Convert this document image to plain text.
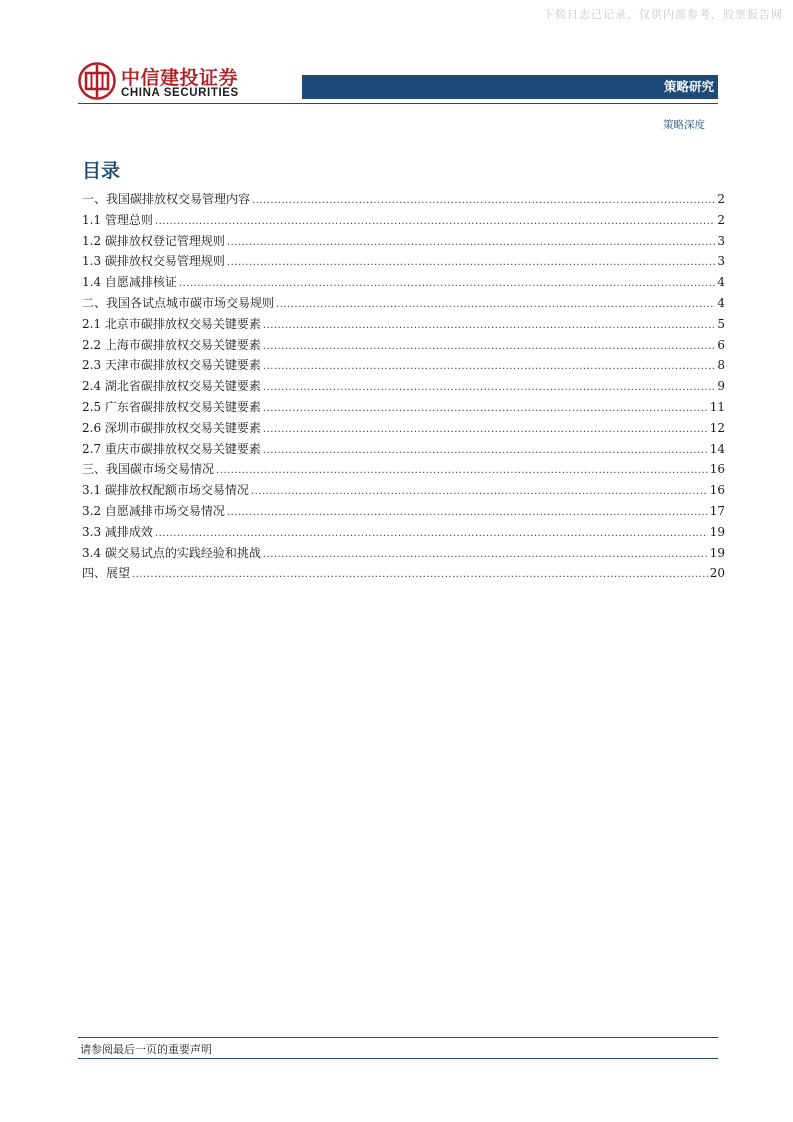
下载日志已记录，仅供内部参考，股票报告网
中信建投证券
CHINA SECURITIES	策略研究
策略深度
目录
一、我国碳排放权交易管理内容 .....	2
1.1 管理总则 .....	2
1.2 碳排放权登记管理规则 .....	3
1.3 碳排放权交易管理规则 .....	3
1.4 自愿减排核证 .....	4
二、我国各试点城市碳市场交易规则 .....	4
2.1 北京市碳排放权交易关键要素 .....	5
2.2 上海市碳排放权交易关键要素 .....	6
2.3 天津市碳排放权交易关键要素 .....	8
2.4 湖北省碳排放权交易关键要素 .....	9
2.5 广东省碳排放权交易关键要素 .....	11
2.6 深圳市碳排放权交易关键要素 .....	12
2.7 重庆市碳排放权交易关键要素 .....	14
三、我国碳市场交易情况 .....	16
3.1 碳排放权配额市场交易情况 .....	16
3.2 自愿减排市场交易情况 .....	17
3.3 减排成效 .....	19
3.4 碳交易试点的实践经验和挑战 .....	19
四、展望 .....	20
请参阅最后一页的重要声明
